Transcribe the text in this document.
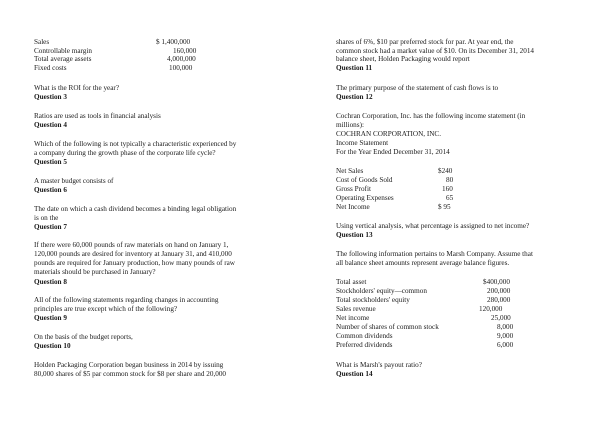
Sales	$ 1,400,000
Controllable margin	160,000
Total average assets	4,000,000
Fixed costs	100,000
What is the ROI for the year?
Question 3
Ratios are used as tools in financial analysis
Question 4
Which of the following is not typically a characteristic experienced by
a company during the growth phase of the corporate life cycle?
Question 5
A master budget consists of
Question 6
The date on which a cash dividend becomes a binding legal obligation
is on the
Question 7
If there were 60,000 pounds of raw materials on hand on January 1,
120,000 pounds are desired for inventory at January 31, and 410,000
pounds are required for January production, how many pounds of raw
materials should be purchased in January?
Question 8
All of the following statements regarding changes in accounting
principles are true except which of the following?
Question 9
On the basis of the budget reports,
Question 10
Holden Packaging Corporation began business in 2014 by issuing
80,000 shares of $5 par common stock for $8 per share and 20,000
shares of 6%, $10 par preferred stock for par. At year end, the
common stock had a market value of $10. On its December 31, 2014
balance sheet, Holden Packaging would report
Question 11
The primary purpose of the statement of cash flows is to
Question 12
Cochran Corporation, Inc. has the following income statement (in
millions):
COCHRAN CORPORATION, INC.
Income Statement
For the Year Ended December 31, 2014
Net Sales	$240
Cost of Goods Sold	80
Gross Profit	160
Operating Expenses	65
Net Income	$ 95
Using vertical analysis, what percentage is assigned to net income?
Question 13
The following information pertains to Marsh Company. Assume that
all balance sheet amounts represent average balance figures.
Total asset	$400,000
Stockholders' equity—common	200,000
Total stockholders' equity	280,000
Sales revenue	120,000
Net income	25,000
Number of shares of common stock	8,000
Common dividends	9,000
Preferred dividends	6,000
What is Marsh's payout ratio?
Question 14
